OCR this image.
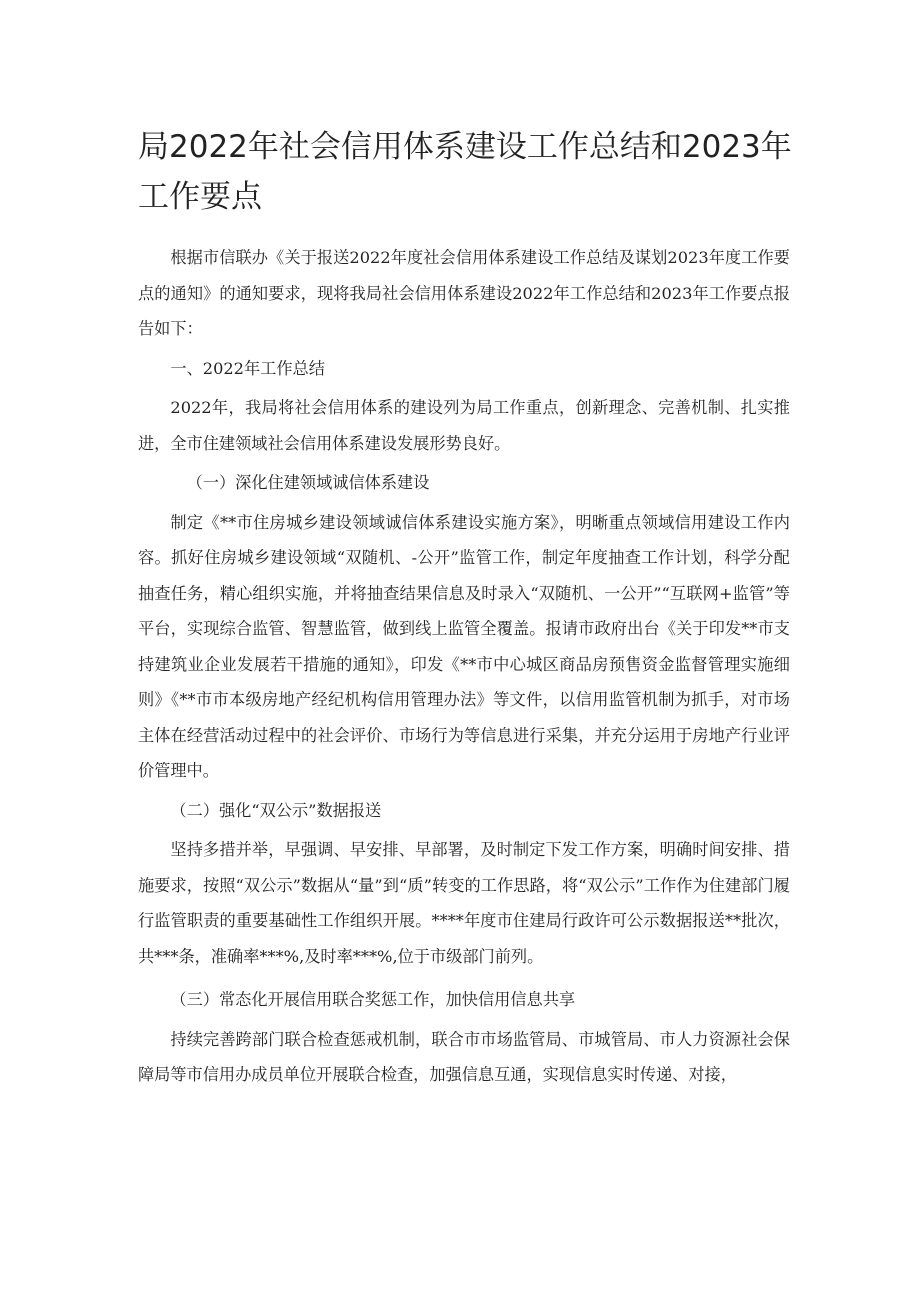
局2022年社会信用体系建设工作总结和2023年工作要点

根据市信联办《关于报送2022年度社会信用体系建设工作总结及谋划2023年度工作要点的通知》的通知要求，现将我局社会信用体系建设2022年工作总结和2023年工作要点报告如下：

一、2022年工作总结

2022年，我局将社会信用体系的建设列为局工作重点，创新理念、完善机制、扎实推进，全市住建领域社会信用体系建设发展形势良好。

（一）深化住建领域诚信体系建设

制定《**市住房城乡建设领域诚信体系建设实施方案》，明晰重点领域信用建设工作内容。抓好住房城乡建设领域“双随机、-公开”监管工作，制定年度抽查工作计划，科学分配抽查任务，精心组织实施，并将抽查结果信息及时录入“双随机、一公开”“互联网+监管”等平台，实现综合监管、智慧监管，做到线上监管全覆盖。报请市政府出台《关于印发**市支持建筑业企业发展若干措施的通知》，印发《**市中心城区商品房预售资金监督管理实施细则》《**市市本级房地产经纪机构信用管理办法》等文件，以信用监管机制为抓手，对市场主体在经营活动过程中的社会评价、市场行为等信息进行采集，并充分运用于房地产行业评价管理中。

（二）强化“双公示”数据报送

坚持多措并举，早强调、早安排、早部署，及时制定下发工作方案，明确时间安排、措施要求，按照“双公示”数据从“量”到“质”转变的工作思路，将“双公示”工作作为住建部门履行监管职责的重要基础性工作组织开展。****年度市住建局行政许可公示数据报送**批次，共***条，准确率***%,及时率***%,位于市级部门前列。

（三）常态化开展信用联合奖惩工作，加快信用信息共享

持续完善跨部门联合检查惩戒机制，联合市市场监管局、市城管局、市人力资源社会保障局等市信用办成员单位开展联合检查，加强信息互通，实现信息实时传递、对接，
